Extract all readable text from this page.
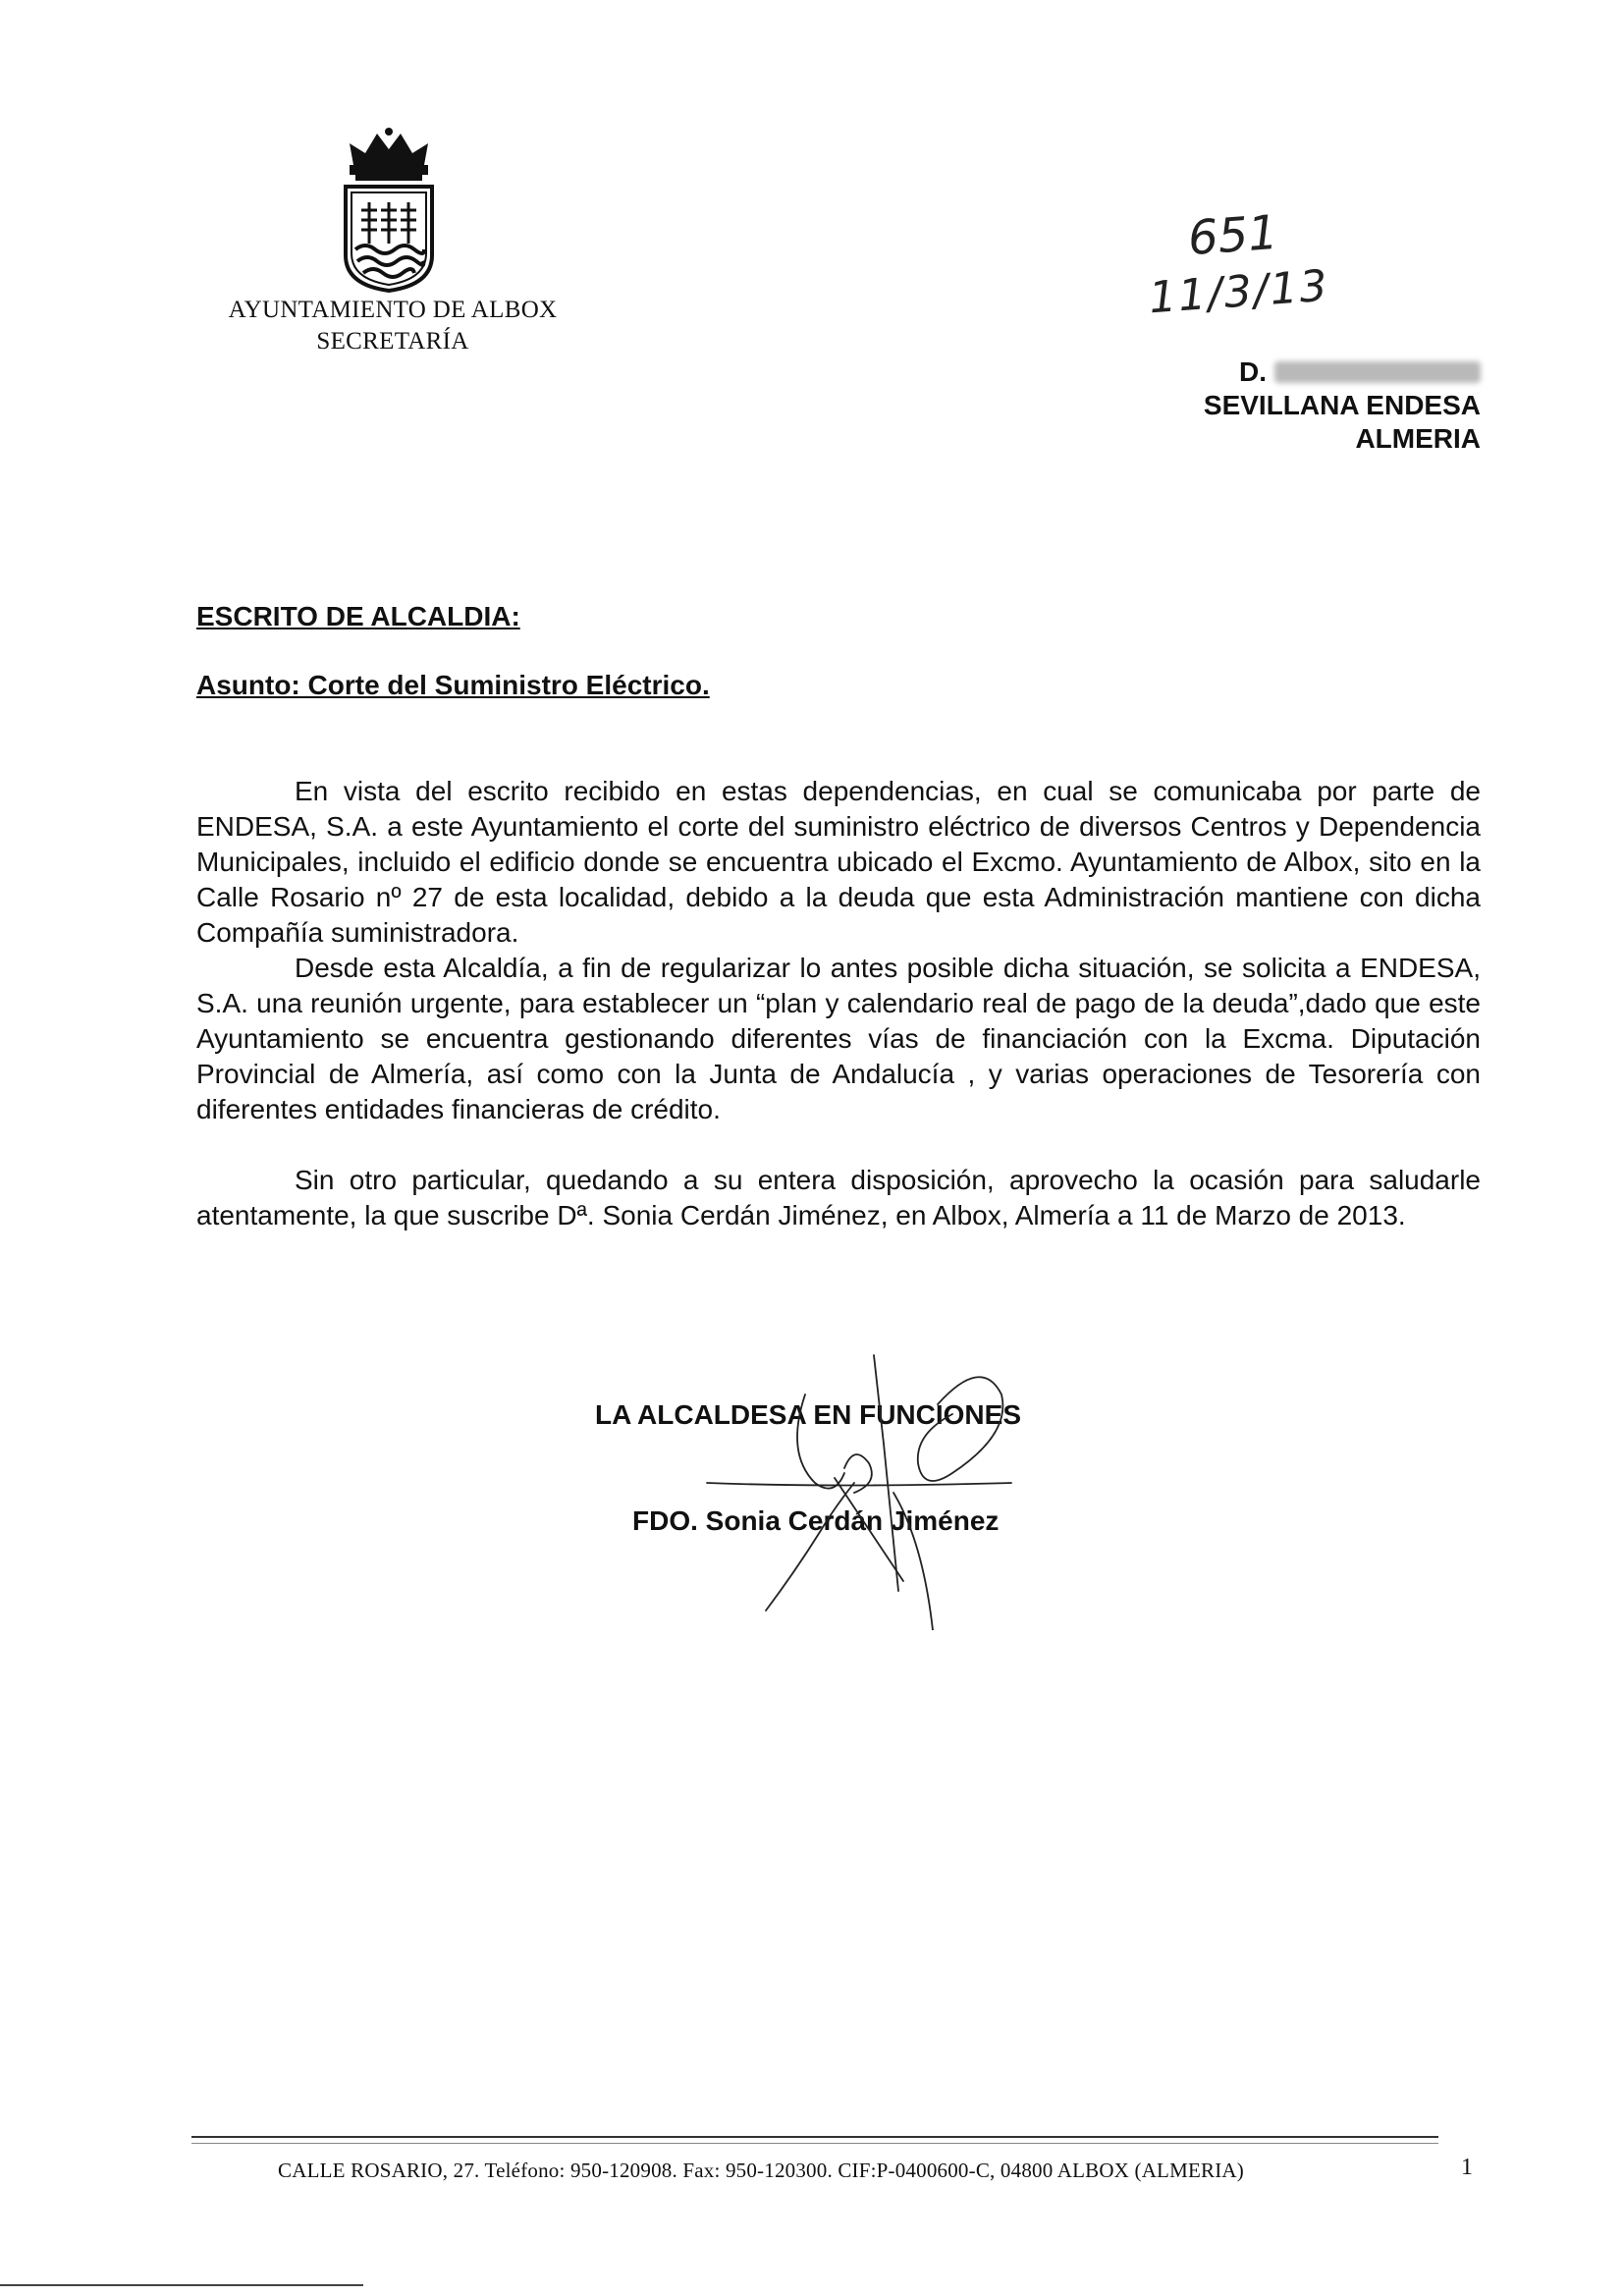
AYUNTAMIENTO DE ALBOX
SECRETARÍA
651
11/3/13
D.
SEVILLANA ENDESA
ALMERIA
ESCRITO DE ALCALDIA:
Asunto: Corte del Suministro Eléctrico.

En vista del escrito recibido en estas dependencias, en cual se comunicaba por parte de ENDESA, S.A. a este Ayuntamiento el corte del suministro eléctrico de diversos Centros y Dependencia Municipales, incluido el edificio donde se encuentra ubicado el Excmo. Ayuntamiento de Albox, sito en la Calle Rosario nº 27 de esta localidad, debido a la deuda que esta Administración mantiene con dicha Compañía suministradora.

Desde esta Alcaldía, a fin de regularizar lo antes posible dicha situación, se solicita a ENDESA, S.A. una reunión urgente, para establecer un “plan y calendario real de pago de la deuda”,dado que este Ayuntamiento se encuentra gestionando diferentes vías de financiación con la Excma. Diputación Provincial de Almería, así como con la Junta de Andalucía , y varias operaciones de Tesorería con diferentes entidades financieras de crédito.

Sin otro particular, quedando a su entera disposición, aprovecho la ocasión para saludarle atentamente, la que suscribe Dª. Sonia Cerdán Jiménez, en Albox, Almería a 11 de Marzo de 2013.

LA ALCALDESA EN FUNCIONES
FDO. Sonia Cerdán Jiménez
CALLE ROSARIO, 27. Teléfono: 950-120908. Fax: 950-120300. CIF:P-0400600-C, 04800 ALBOX (ALMERIA)	1
